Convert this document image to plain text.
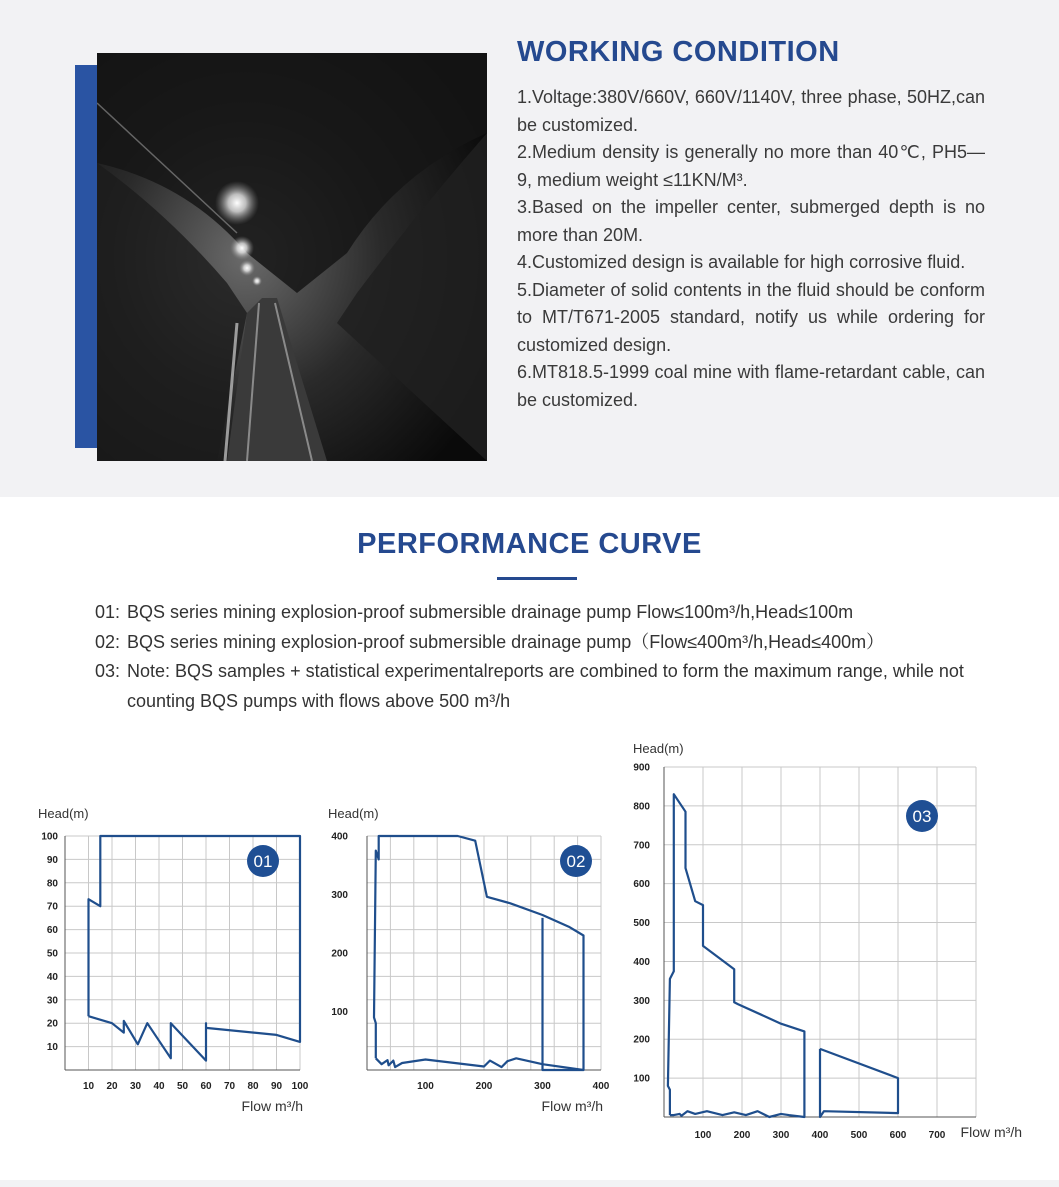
WORKING CONDITION
1.Voltage:380V/660V, 660V/1140V, three phase, 50HZ,can be customized.
2.Medium density is generally no more than 40℃, PH5—9, medium weight ≤11KN/M³.
3.Based on the impeller center, submerged depth is no more than 20M.
4.Customized design is available for high corrosive fluid.
5.Diameter of solid contents in the fluid should be conform to MT/T671-2005 standard, notify us while ordering for customized design.
6.MT818.5-1999 coal mine with flame-retardant cable, can be customized.
PERFORMANCE CURVE
01: BQS series mining explosion-proof submersible drainage pump Flow≤100m³/h,Head≤100m
02: BQS series mining explosion-proof submersible drainage pump（Flow≤400m³/h,Head≤400m）
03: Note: BQS samples + statistical experimentalreports are combined to form the maximum range, while not counting BQS pumps with flows above 500 m³/h
10 20 30 40 50 60 70 80 90 100
10
20
30
40
50
60
70
80
90
100
Head(m)
Flow m³/h
01
100	200	300	400
100
200
300
400
Head(m)
Flow m³/h
02
100 200 300 400 500 600 700
100
200
300
400
500
600
700
800
900
Head(m)
Flow m³/h
03
